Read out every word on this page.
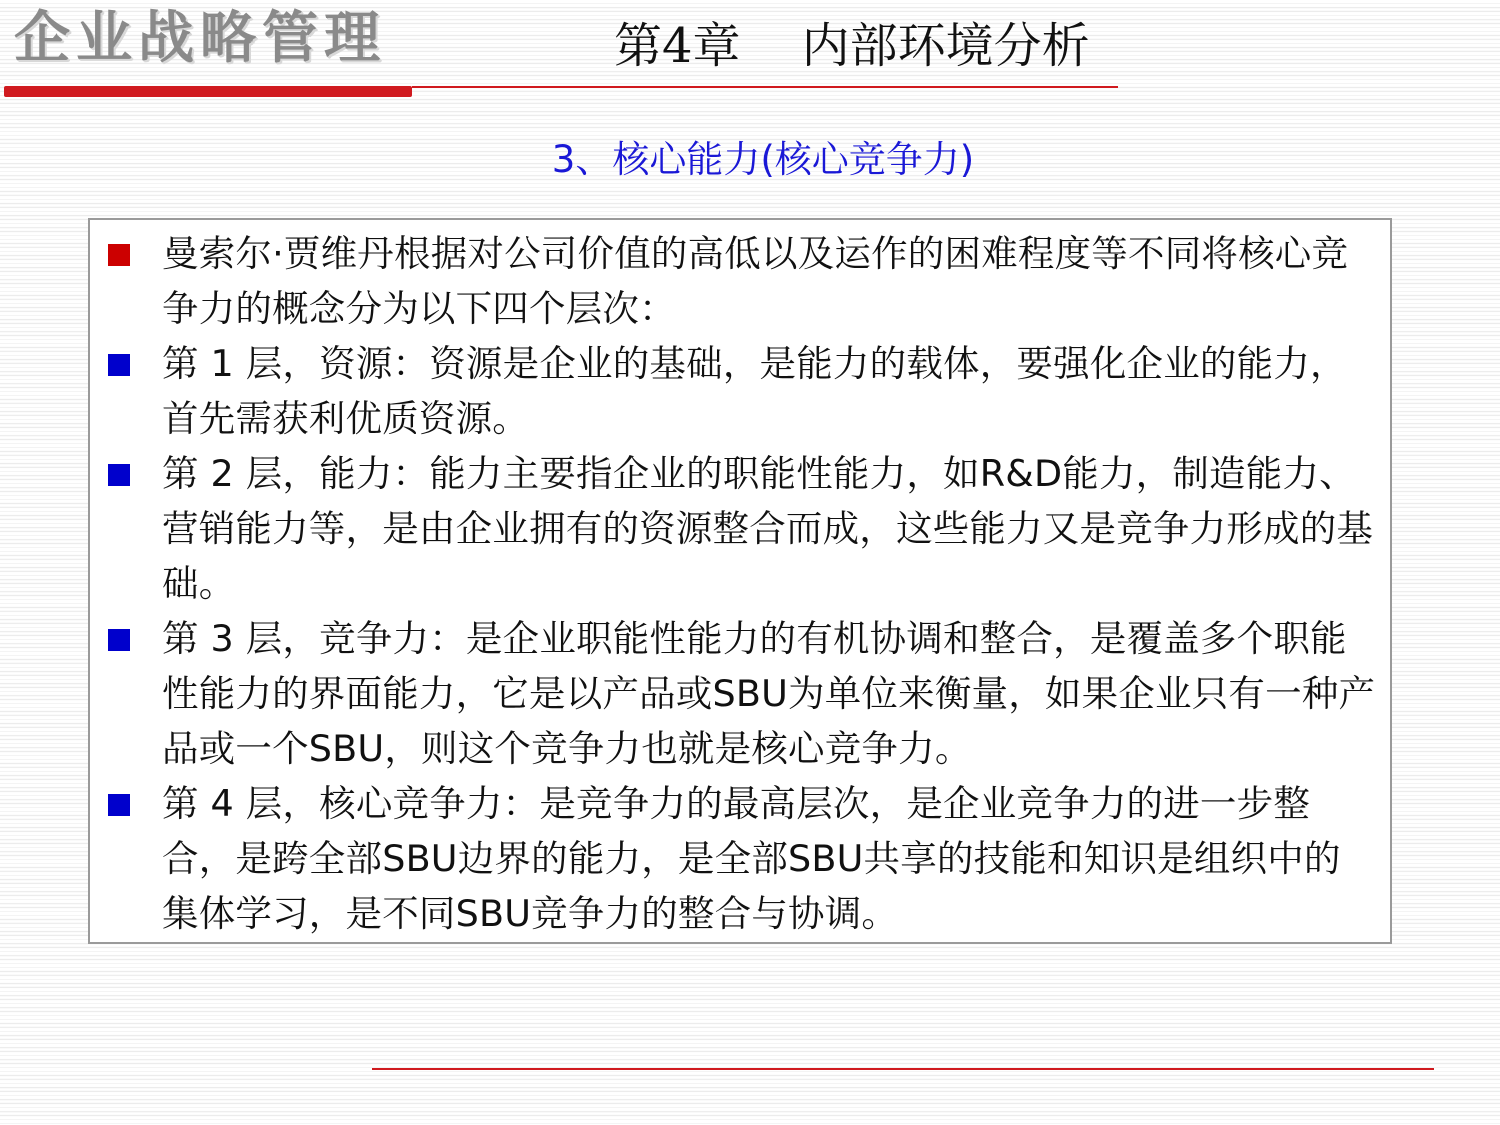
企业战略管理	第4章    内部环境分析
3、核心能力(核心竞争力)
曼索尔·贾维丹根据对公司价值的高低以及运作的困难程度等不同将核心竞争力的概念分为以下四个层次：
第 1 层，资源：资源是企业的基础，是能力的载体，要强化企业的能力，首先需获利优质资源。
第 2 层，能力：能力主要指企业的职能性能力，如R&D能力，制造能力、营销能力等，是由企业拥有的资源整合而成，这些能力又是竞争力形成的基础。
第 3 层，竞争力：是企业职能性能力的有机协调和整合，是覆盖多个职能性能力的界面能力，它是以产品或SBU为单位来衡量，如果企业只有一种产品或一个SBU，则这个竞争力也就是核心竞争力。
第 4 层，核心竞争力：是竞争力的最高层次，是企业竞争力的进一步整合，是跨全部SBU边界的能力，是全部SBU共享的技能和知识是组织中的集体学习，是不同SBU竞争力的整合与协调。
